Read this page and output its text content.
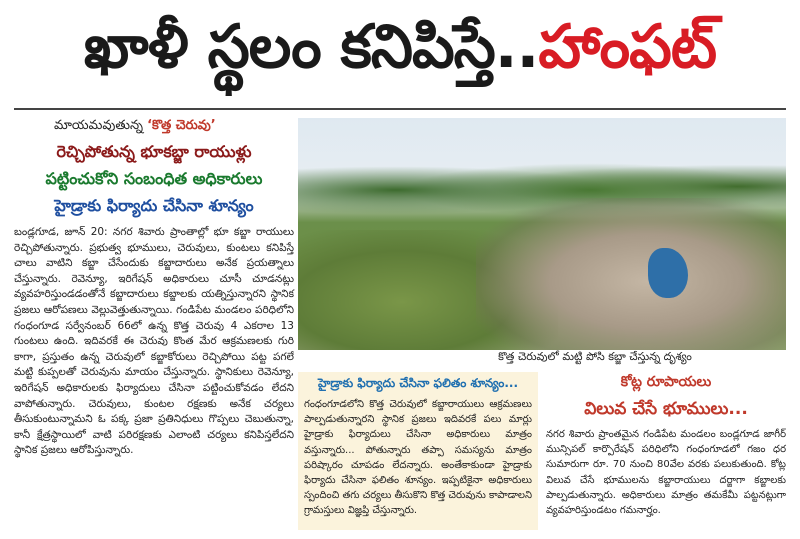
ఖాళీ స్థలం కనిపిస్తే.. హాంఫట్
మాయమవుతున్న ‘కొత్త చెరువు’
రెచ్చిపోతున్న భూకబ్జా రాయుళ్లు
పట్టించుకోని సంబంధిత అధికారులు
హైడ్రాకు ఫిర్యాదు చేసినా శూన్యం
బండ్లగూడ, జూన్ 20: నగర శివారు ప్రాంతాల్లో భూ కబ్జా రాయులు రెచ్చిపోతున్నారు. ప్రభుత్వ భూములు, చెరువులు, కుంటలు కనిపిస్తే చాలు వాటిని కబ్జా చేసేందుకు కబ్జాదారులు అనేక ప్రయత్నాలు చేస్తున్నారు. రెవెన్యూ, ఇరిగేషన్ అధికారులు చూసీ చూడనట్లు వ్యవహరిస్తుండడంతోనే కబ్జాదారులు కబ్జాలకు యత్నిస్తున్నారని స్థానిక ప్రజలు ఆరోపణలు వెల్లువెత్తుతున్నాయి. గండిపేట మండలం పరిధిలోని గంధంగూడ సర్వేనంబర్ 66లో ఉన్న కొత్త చెరువు 4 ఎకరాల 13 గుంటలు ఉంది. ఇదివరకే ఈ చెరువు కొంత మేర ఆక్రమణలకు గురి కాగా, ప్రస్తుతం ఉన్న చెరువులో కబ్జాకోరులు రెచ్చిపోయి పట్ట పగలే మట్టి కుప్పలతో చెరువును మాయం చేస్తున్నారు. స్థానికులు రెవెన్యూ, ఇరిగేషన్ అధికారులకు ఫిర్యాదులు చేసినా పట్టించుకోవడం లేదని వాపోతున్నారు. చెరువులు, కుంటల రక్షణకు అనేక చర్యలు తీసుకుంటున్నామని ఓ పక్క ప్రజా ప్రతినిధులు గొప్పలు చెబుతున్నా, కానీ క్షేత్రస్థాయిలో వాటి పరిరక్షణకు ఎలాంటి చర్యలు కనిపిస్తలేదని స్థానిక ప్రజలు ఆరోపిస్తున్నారు.
కొత్త చెరువులో మట్టి పోసి కబ్జా చేస్తున్న దృశ్యం
హైడ్రాకు ఫిర్యాదు చేసినా ఫలితం శూన్యం...
గంధంగూడలోని కొత్త చెరువులో కబ్జారాయులు ఆక్రమణలు పాల్పడుతున్నారని స్థానిక ప్రజలు ఇదివరకే పలు మార్లు హైడ్రాకు ఫిర్యాదులు చేసినా అధికారులు మాత్రం వస్తున్నారు... పోతున్నారు తప్పా సమస్యను మాత్రం పరిష్కారం చూపడం లేదన్నారు. అంతేకాకుండా హైడ్రాకు ఫిర్యాదు చేసినా ఫలితం శూన్యం. ఇప్పటికైనా అధికారులు స్పందించి తగు చర్యలు తీసుకొని కొత్త చెరువును కాపాడాలని గ్రామస్తులు విజ్ఞప్తి చేస్తున్నారు.
కోట్ల రూపాయలు
విలువ చేసే భూములు...
నగర శివారు ప్రాంతమైన గండిపేట మండలం బండ్లగూడ జాగీర్ మున్సిపల్ కార్పొరేషన్ పరిధిలోని గంధంగూడలో గజం ధర సుమారుగా రూ. 70 నుంచి 80వేల వరకు పలుకుతుంది. కోట్ల విలువ చేసే భూములను కబ్జారాయులు దర్జాగా కబ్జాలకు పాల్పడుతున్నారు. అధికారులు మాత్రం తమకేమీ పట్టనట్లుగా వ్యవహరిస్తుండటం గమనార్హం.
